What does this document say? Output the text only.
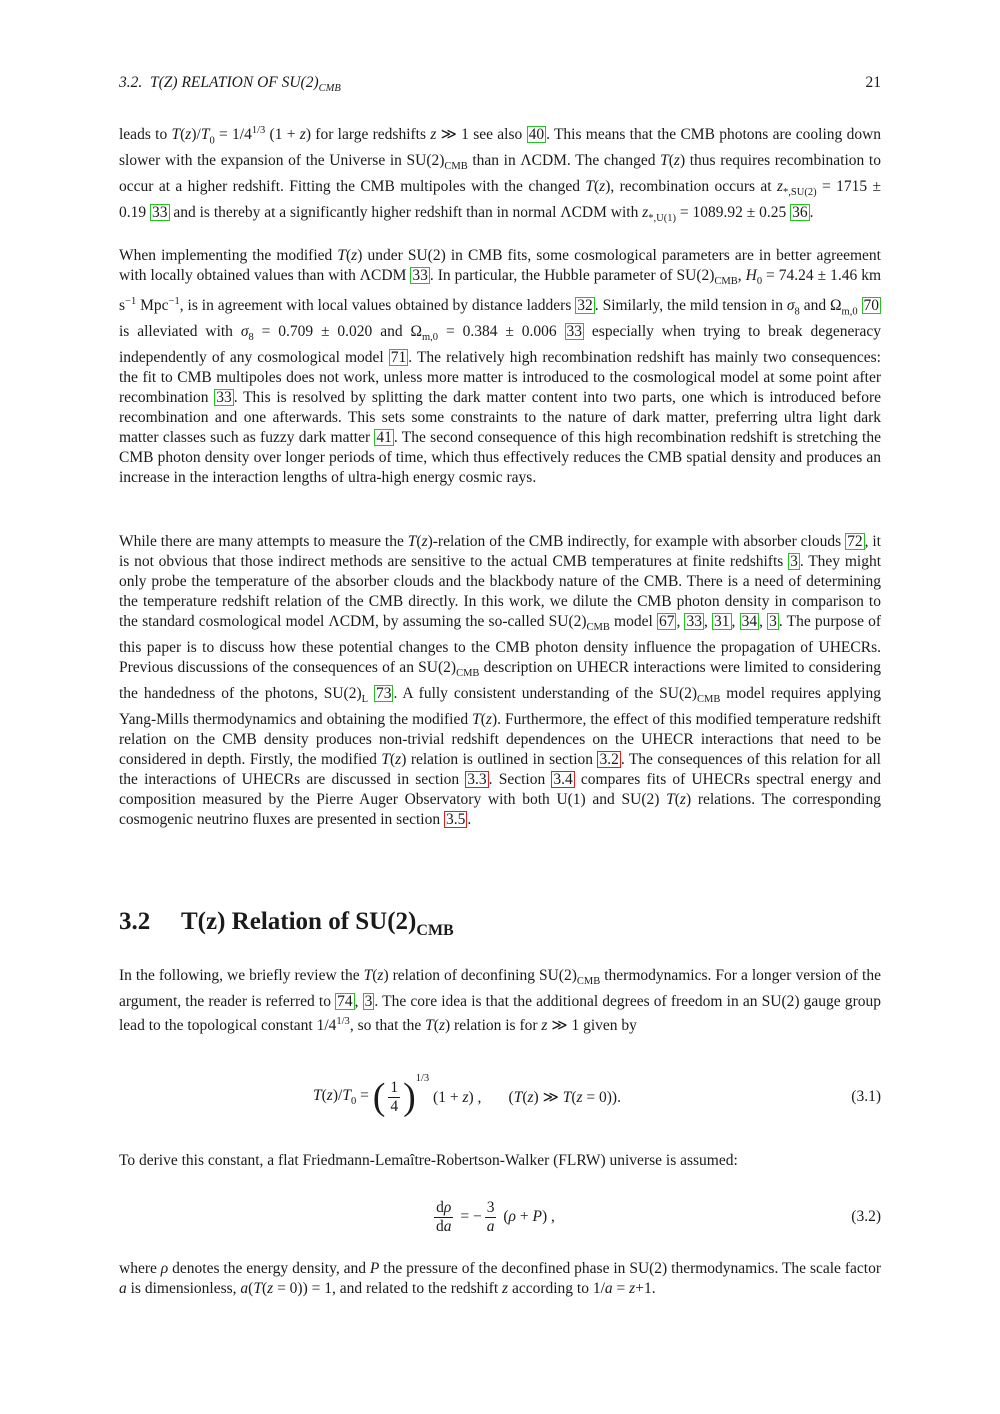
3.2.  T(Z) RELATION OF $SU(2)_{CMB}$	21

leads to $T(z)/T_0 = 1/4^{1/3}$ (1 + z) for large redshifts z ≫ 1 see also 40 . This means that the CMB photons are cooling down slower with the expansion of the Universe in $SU(2)_{CMB}$ than in ΛCDM. The changed T(z) thus requires recombination to occur at a higher redshift. Fitting the CMB multipoles with the changed T(z), recombination occurs at $z_{*,SU(2)} = 1715 \pm 0.19$ 33 and is thereby at a significantly higher redshift than in normal ΛCDM with $z_{*,U(1)} = 1089.92 \pm 0.25$ 36 .

When implementing the modified T(z) under SU(2) in CMB fits, some cosmological parameters are in better agreement with locally obtained values than with ΛCDM 33 . In particular, the Hubble parameter of $SU(2)_{CMB}$, $H_0 = 74.24 \pm 1.46$ km $s^{-1}$ Mpc$^{-1}$, is in agreement with local values obtained by distance ladders 32 . Similarly, the mild tension in $\sigma_8$ and $\Omega_{m,0}$ 70 is alleviated with $\sigma_8 = 0.709 \pm 0.020$ and $\Omega_{m,0} = 0.384 \pm 0.006$ 33 especially when trying to break degeneracy independently of any cosmological model 71 . The relatively high recombination redshift has mainly two consequences: the fit to CMB multipoles does not work, unless more matter is introduced to the cosmological model at some point after recombination 33 . This is resolved by splitting the dark matter content into two parts, one which is introduced before recombination and one afterwards. This sets some constraints to the nature of dark matter, preferring ultra light dark matter classes such as fuzzy dark matter 41 . The second consequence of this high recombination redshift is stretching the CMB photon density over longer periods of time, which thus effectively reduces the CMB spatial density and produces an increase in the interaction lengths of ultra-high energy cosmic rays.

While there are many attempts to measure the T(z)-relation of the CMB indirectly, for example with absorber clouds 72 , it is not obvious that those indirect methods are sensitive to the actual CMB temperatures at finite redshifts 3 . They might only probe the temperature of the absorber clouds and the blackbody nature of the CMB. There is a need of determining the temperature redshift relation of the CMB directly. In this work, we dilute the CMB photon density in comparison to the standard cosmological model ΛCDM, by assuming the so-called $SU(2)_{CMB}$ model 67 , 33 , 31 , 34 , 3 . The purpose of this paper is to discuss how these potential changes to the CMB photon density influence the propagation of UHECRs. Previous discussions of the consequences of an $SU(2)_{CMB}$ description on UHECR interactions were limited to considering the handedness of the photons, $SU(2)_L$ 73 . A fully consistent understanding of the $SU(2)_{CMB}$ model requires applying Yang-Mills thermodynamics and obtaining the modified T(z). Furthermore, the effect of this modified temperature redshift relation on the CMB density produces non-trivial redshift dependences on the UHECR interactions that need to be considered in depth. Firstly, the modified T(z) relation is outlined in section 3.2 . The consequences of this relation for all the interactions of UHECRs are discussed in section 3.3 . Section 3.4 compares fits of UHECRs spectral energy and composition measured by the Pierre Auger Observatory with both U(1) and SU(2) T(z) relations. The corresponding cosmogenic neutrino fluxes are presented in section 3.5 .

3.2 T(z) Relation of $SU(2)_{CMB}$

In the following, we briefly review the T(z) relation of deconfining $SU(2)_{CMB}$ thermodynamics. For a longer version of the argument, the reader is referred to 74 , 3 . The core idea is that the additional degrees of freedom in an SU(2) gauge group lead to the topological constant $1/4^{1/3}$, so that the T(z) relation is for z ≫ 1 given by

$T(z)/T_0$ = ( $\frac{1}{4} )^{1/3}$
(1 + z) ,       (T(z) ≫ T(z = 0)).	(3.1)

To derive this constant, a flat Friedmann-Lemaître-Robertson-Walker (FLRW) universe is assumed:

$\frac{d\rho}{da}$ = − $\frac{3}{a} (\rho + P)$ ,	(3.2)

where ρ denotes the energy density, and P the pressure of the deconfined phase in SU(2) thermodynamics. The scale factor a is dimensionless, a(T(z = 0)) = 1, and related to the redshift z according to 1/a = z+1.
